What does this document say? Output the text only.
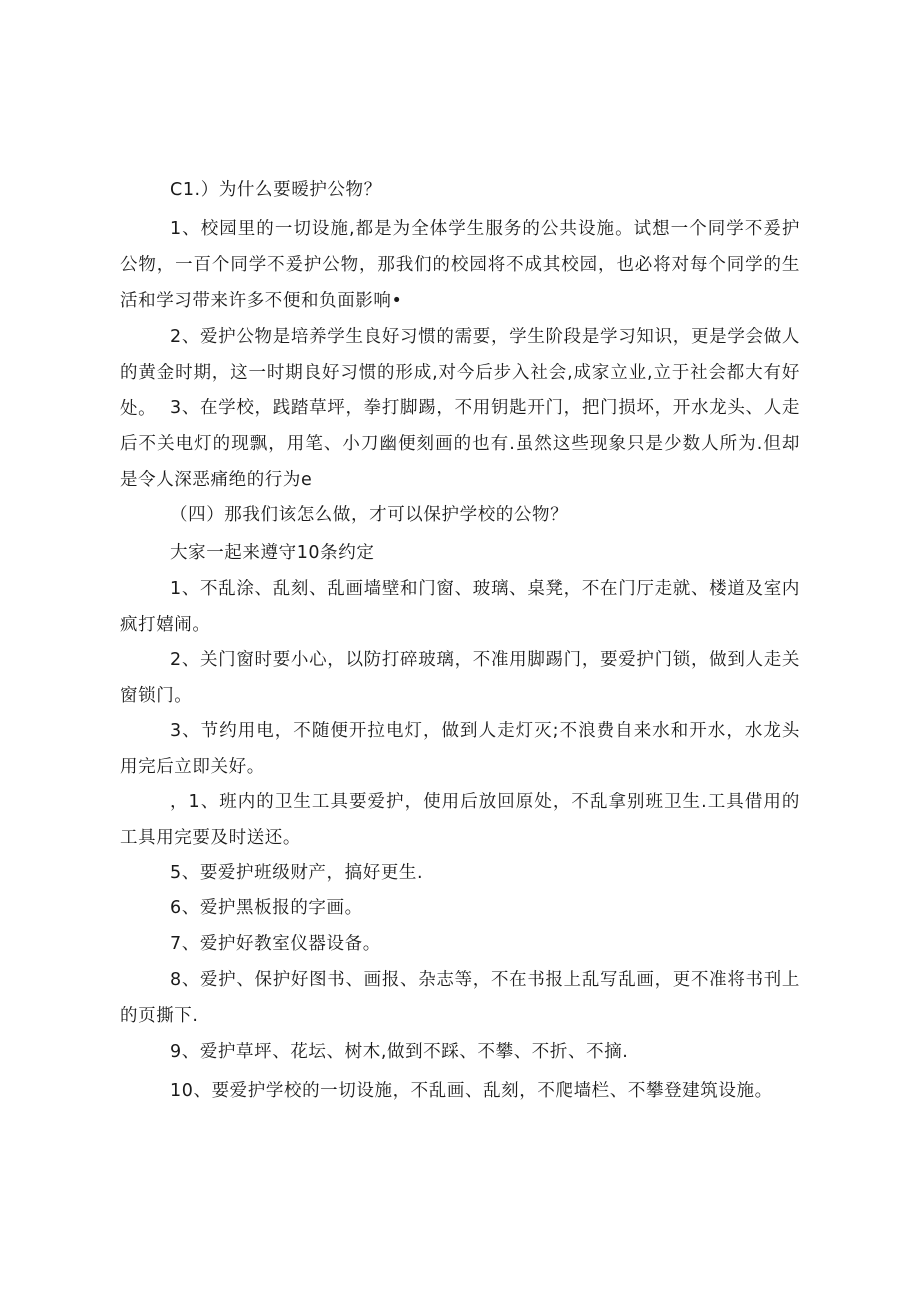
C1.）为什么要暧护公物？
1、校园里的一切设施,都是为全体学生服务的公共设施。试想一个同学不爰护公物，一百个同学不爰护公物，那我们的校园将不成其校园，也必将对每个同学的生活和学习带来许多不便和负面影响•
2、爱护公物是培养学生良好习惯的需要，学生阶段是学习知识，更是学会做人的黄金时期，这一时期良好习惯的形成,对今后步入社会,成家立业,立于社会都大有好处。 3、在学校，践踏草坪，拳打脚踢，不用钥匙开门，把门损坏，开水龙头、人走后不关电灯的现飘，用笔、小刀幽便刻画的也有.虽然这些现象只是少数人所为.但却是令人深恶痛绝的行为e
（四）那我们该怎么做，才可以保护学校的公物？
大家一起来遵守10条约定
1、不乱涂、乱刻、乱画墙壁和门窗、玻璃、桌凳，不在门厅走就、楼道及室内疯打嬉闹。
2、关门窗时要小心，以防打碎玻璃，不准用脚踢门，要爱护门锁，做到人走关窗锁门。
3、节约用电，不随便开拉电灯，做到人走灯灭;不浪费自来水和开水，水龙头用完后立即关好。
，1、班内的卫生工具要爱护，使用后放回原处，不乱拿别班卫生.工具借用的工具用完要及时送还。
5、要爱护班级财产，搞好更生.
6、爱护黑板报的字画。
7、爱护好教室仪器设备。
8、爱护、保护好图书、画报、杂志等，不在书报上乱写乱画，更不准将书刊上的页撕下.
9、爱护草坪、花坛、树木,做到不踩、不攀、不折、不摘.
10、要爱护学校的一切设施，不乱画、乱刻，不爬墙栏、不攀登建筑设施。
